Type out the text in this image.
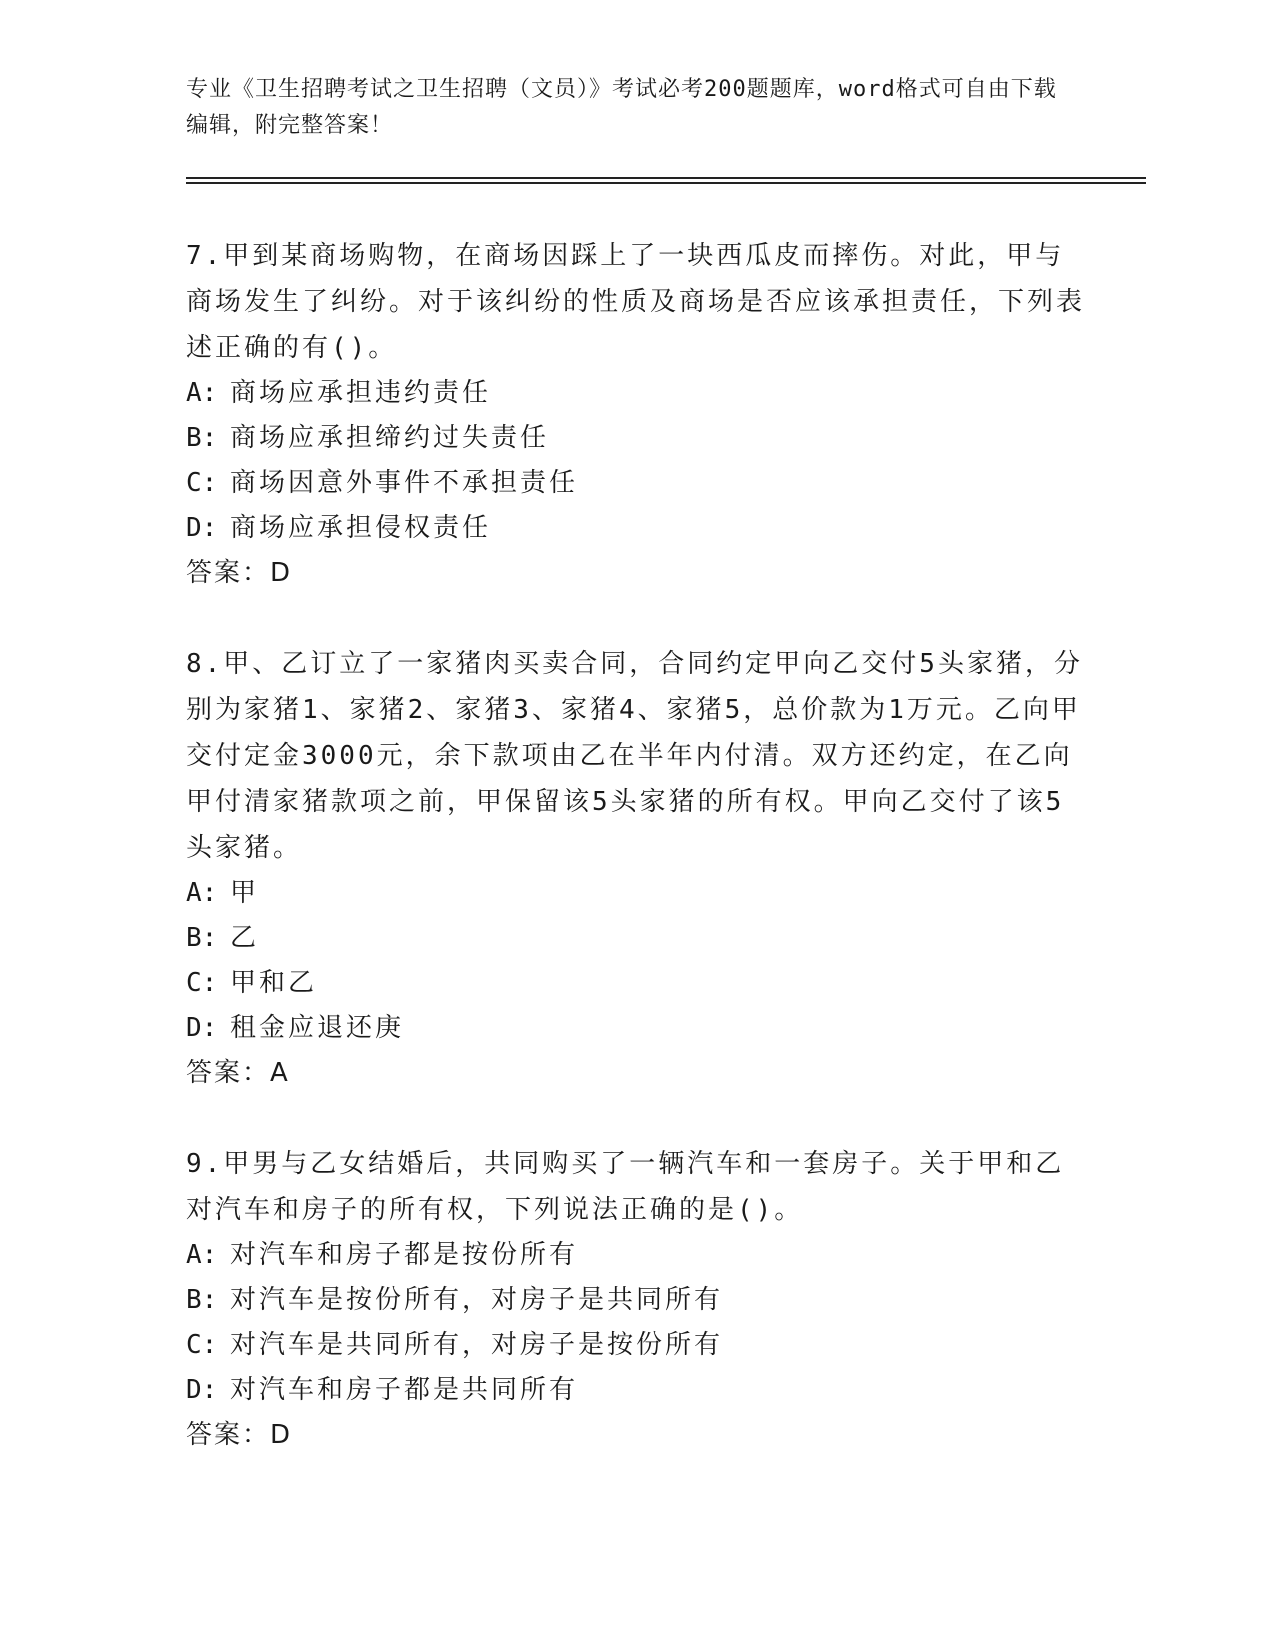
专业《卫生招聘考试之卫生招聘（文员）》考试必考200题题库，word格式可自由下载编辑，附完整答案！

7.甲到某商场购物，在商场因踩上了一块西瓜皮而摔伤。对此，甲与商场发生了纠纷。对于该纠纷的性质及商场是否应该承担责任，下列表述正确的有()。

A: 商场应承担违约责任

B: 商场应承担缔约过失责任

C: 商场因意外事件不承担责任

D: 商场应承担侵权责任

答案：D

8.甲、乙订立了一家猪肉买卖合同，合同约定甲向乙交付5头家猪，分别为家猪1、家猪2、家猪3、家猪4、家猪5，总价款为1万元。乙向甲交付定金3000元，余下款项由乙在半年内付清。双方还约定，在乙向甲付清家猪款项之前，甲保留该5头家猪的所有权。甲向乙交付了该5头家猪。

A: 甲

B: 乙

C: 甲和乙

D: 租金应退还庚

答案：A

9.甲男与乙女结婚后，共同购买了一辆汽车和一套房子。关于甲和乙对汽车和房子的所有权，下列说法正确的是()。

A: 对汽车和房子都是按份所有

B: 对汽车是按份所有，对房子是共同所有

C: 对汽车是共同所有，对房子是按份所有

D: 对汽车和房子都是共同所有

答案：D
